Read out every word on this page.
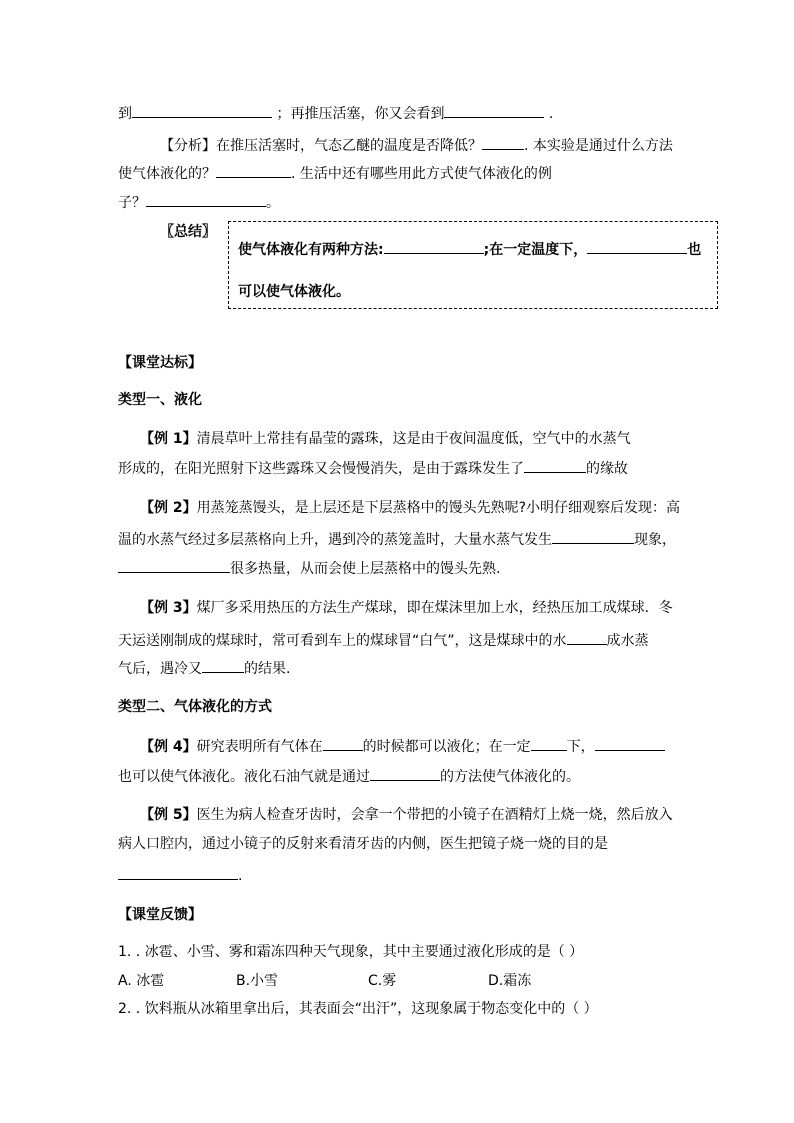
到	；再推压活塞，你又会看到	.
【分析】在推压活塞时，气态乙醚的温度是否降低？	. 本实验是通过什么方法
使气体液化的？	. 生活中还有哪些用此方式使气体液化的例
子？	。
〖总结〗
使气体液化有两种方法:	;在一定温度下，	也
可以使气体液化。
【课堂达标】
类型一、液化
【例 1】清晨草叶上常挂有晶莹的露珠，这是由于夜间温度低，空气中的水蒸气
形成的，在阳光照射下这些露珠又会慢慢消失，是由于露珠发生了	的缘故
【例 2】用蒸笼蒸馒头，是上层还是下层蒸格中的馒头先熟呢?小明仔细观察后发现：高
温的水蒸气经过多层蒸格向上升，遇到冷的蒸笼盖时，大量水蒸气发生	现象，
很多热量，从而会使上层蒸格中的馒头先熟.
【例 3】煤厂多采用热压的方法生产煤球，即在煤沫里加上水，经热压加工成煤球．冬
天运送刚制成的煤球时，常可看到车上的煤球冒“白气”，这是煤球中的水	成水蒸
气后，遇冷又	的结果.
类型二、气体液化的方式
【例 4】研究表明所有气体在	的时候都可以液化；在一定	下，
也可以使气体液化。液化石油气就是通过	的方法使气体液化的。
【例 5】医生为病人检查牙齿时，会拿一个带把的小镜子在酒精灯上烧一烧，然后放入
病人口腔内，通过小镜子的反射来看清牙齿的内侧，医生把镜子烧一烧的目的是
.
【课堂反馈】
1. . 冰雹、小雪、雾和霜冻四种天气现象，其中主要通过液化形成的是（ ）
A. 冰雹	B.小雪	C.雾	D.霜冻
2. . 饮料瓶从冰箱里拿出后，其表面会“出汗”，这现象属于物态变化中的（ ）
